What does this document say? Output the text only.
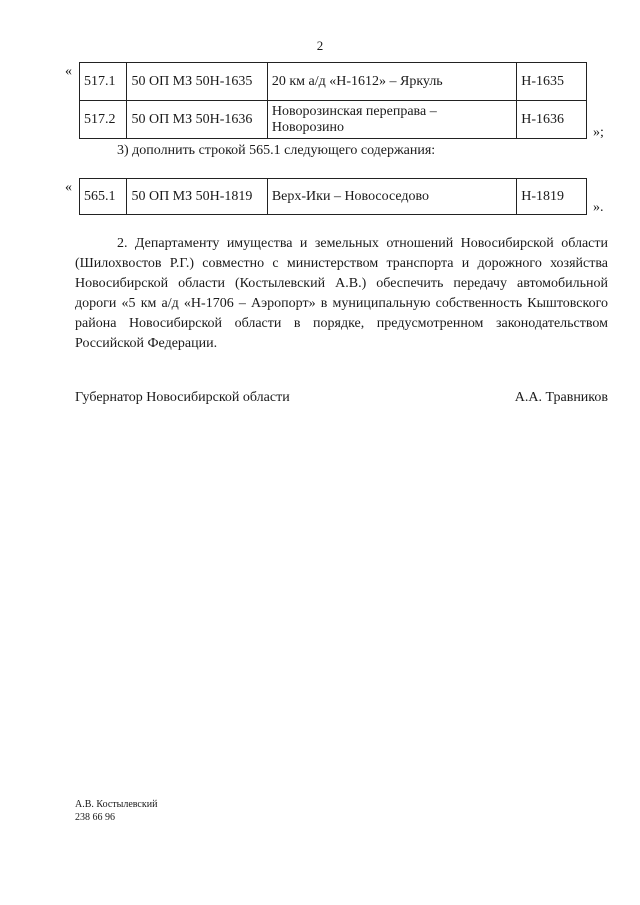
2
«
517.1	50 ОП МЗ 50Н-1635	20 км а/д «Н-1612» – Яркуль	Н-1635
517.2	50 ОП МЗ 50Н-1636	Новорозинская переправа – Новорозино	Н-1636
»;

3) дополнить строкой 565.1 следующего содержания:

«
565.1	50 ОП МЗ 50Н-1819	Верх-Ики – Новососедово	Н-1819
».

2. Департаменту имущества и земельных отношений Новосибирской области (Шилохвостов Р.Г.) совместно с министерством транспорта и дорожного хозяйства Новосибирской области (Костылевский А.В.) обеспечить передачу автомобильной дороги «5 км а/д «Н-1706 – Аэропорт» в муниципальную собственность Кыштовского района Новосибирской области в порядке, предусмотренном законодательством Российской Федерации.

Губернатор Новосибирской области	А.А. Травников
А.В. Костылевский
238 66 96
